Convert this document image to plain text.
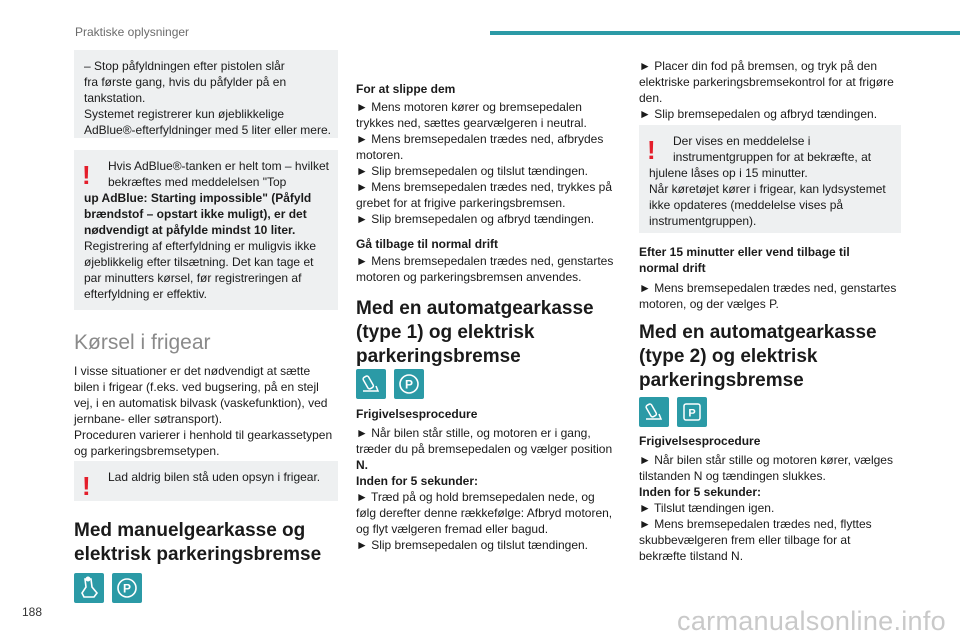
Praktiske oplysninger
– Stop påfyldningen efter pistolen slår
fra første gang, hvis du påfylder på en
tankstation.
Systemet registrerer kun øjeblikkelige
AdBlue®-efterfyldninger med 5 liter eller mere.
!	Hvis AdBlue®-tanken er helt tom – hvilket
bekræftes med meddelelsen "Top
up AdBlue: Starting impossible" (Påfyld
brændstof – opstart ikke muligt), er det
nødvendigt at påfylde mindst 10 liter.
Registrering af efterfyldning er muligvis ikke
øjeblikkelig efter tilsætning. Det kan tage et
par minutters kørsel, før registreringen af
efterfyldning er effektiv.
Kørsel i frigear
I visse situationer er det nødvendigt at sætte
bilen i frigear (f.eks. ved bugsering, på en stejl
vej, i en automatisk bilvask (vaskefunktion), ved
jernbane- eller søtransport).
Proceduren varierer i henhold til gearkassetypen
og parkeringsbremsetypen.
! Lad aldrig bilen stå uden opsyn i frigear.
Med manuelgearkasse og
elektrisk parkeringsbremse
P
For at slippe dem
► Mens motoren kører og bremsepedalen
trykkes ned, sættes gearvælgeren i neutral.
► Mens bremsepedalen trædes ned, afbrydes
motoren.
► Slip bremsepedalen og tilslut tændingen.
► Mens bremsepedalen trædes ned, trykkes på
grebet for at frigive parkeringsbremsen.
► Slip bremsepedalen og afbryd tændingen.
Gå tilbage til normal drift
► Mens bremsepedalen trædes ned, genstartes
motoren og parkeringsbremsen anvendes.
Med en automatgearkasse
(type 1) og elektrisk
parkeringsbremse
P
Frigivelsesprocedure
► Når bilen står stille, og motoren er i gang,
træder du på bremsepedalen og vælger position
N.
Inden for 5 sekunder:
► Træd på og hold bremsepedalen nede, og
følg derefter denne rækkefølge: Afbryd motoren,
og flyt vælgeren fremad eller bagud.
► Slip bremsepedalen og tilslut tændingen.
► Placer din fod på bremsen, og tryk på den
elektriske parkeringsbremsekontrol for at frigøre
den.
► Slip bremsepedalen og afbryd tændingen.
!	Der vises en meddelelse i
instrumentgruppen for at bekræfte, at
hjulene låses op i 15 minutter.
Når køretøjet kører i frigear, kan lydsystemet
ikke opdateres (meddelelse vises på
instrumentgruppen).
Efter 15 minutter eller vend tilbage til
normal drift
► Mens bremsepedalen trædes ned, genstartes
motoren, og der vælges P.
Med en automatgearkasse
(type 2) og elektrisk
parkeringsbremse
P
Frigivelsesprocedure
► Når bilen står stille og motoren kører, vælges
tilstanden N og tændingen slukkes.
Inden for 5 sekunder:
► Tilslut tændingen igen.
► Mens bremsepedalen trædes ned, flyttes
skubbevælgeren frem eller tilbage for at
bekræfte tilstand N.
188	carmanualsonline.info
